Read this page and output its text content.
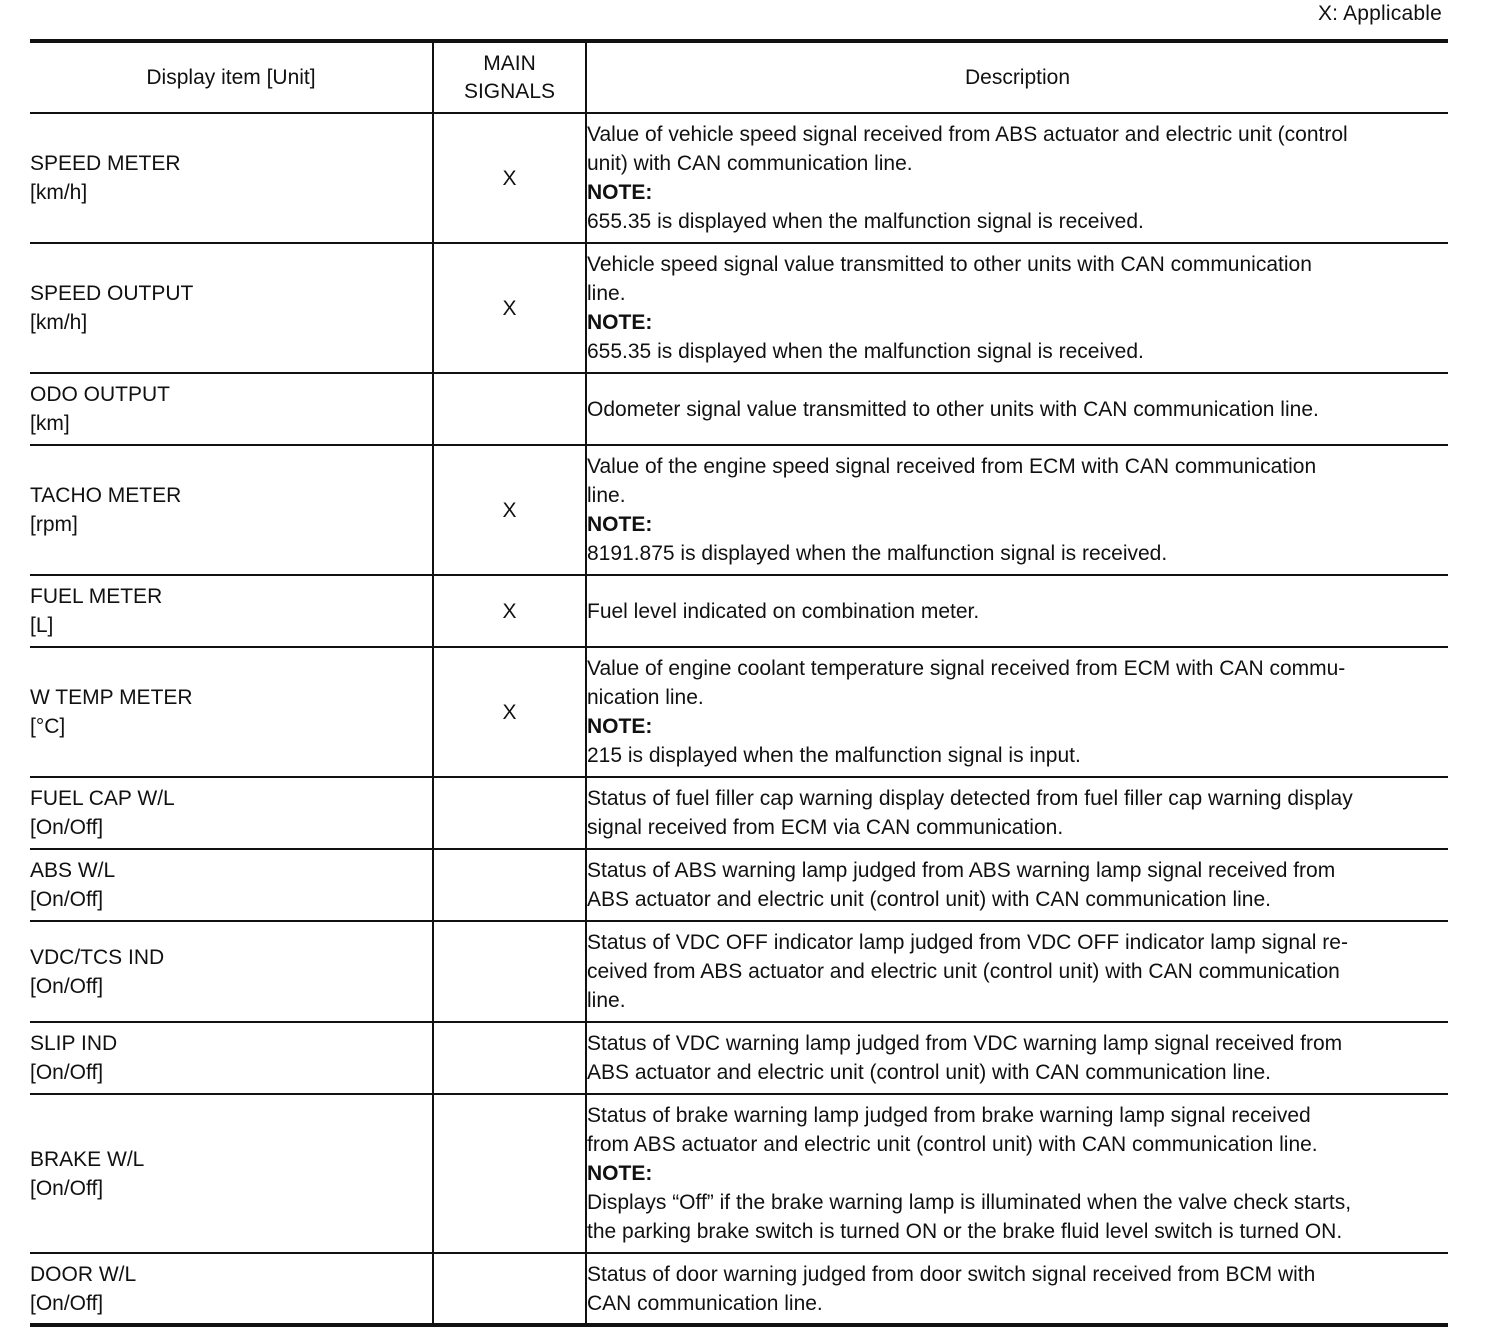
X: Applicable
Display item [Unit]	MAIN
SIGNALS	Description

SPEED METER
[km/h]	X	Value of vehicle speed signal received from ABS actuator and electric unit (control
unit) with CAN communication line.
NOTE:
655.35 is displayed when the malfunction signal is received.

SPEED OUTPUT
[km/h]	X	Vehicle speed signal value transmitted to other units with CAN communication
line.
NOTE:
655.35 is displayed when the malfunction signal is received.

ODO OUTPUT
[km]		Odometer signal value transmitted to other units with CAN communication line.

TACHO METER
[rpm]	X	Value of the engine speed signal received from ECM with CAN communication
line.
NOTE:
8191.875 is displayed when the malfunction signal is received.

FUEL METER
[L]	X	Fuel level indicated on combination meter.

W TEMP METER
[°C]	X	Value of engine coolant temperature signal received from ECM with CAN commu-
nication line.
NOTE:
215 is displayed when the malfunction signal is input.

FUEL CAP W/L
[On/Off]		Status of fuel filler cap warning display detected from fuel filler cap warning display
signal received from ECM via CAN communication.

ABS W/L
[On/Off]		Status of ABS warning lamp judged from ABS warning lamp signal received from
ABS actuator and electric unit (control unit) with CAN communication line.

VDC/TCS IND
[On/Off]		Status of VDC OFF indicator lamp judged from VDC OFF indicator lamp signal re-
ceived from ABS actuator and electric unit (control unit) with CAN communication
line.

SLIP IND
[On/Off]		Status of VDC warning lamp judged from VDC warning lamp signal received from
ABS actuator and electric unit (control unit) with CAN communication line.

BRAKE W/L
[On/Off]		Status of brake warning lamp judged from brake warning lamp signal received
from ABS actuator and electric unit (control unit) with CAN communication line.
NOTE:
Displays “Off” if the brake warning lamp is illuminated when the valve check starts,
the parking brake switch is turned ON or the brake fluid level switch is turned ON.

DOOR W/L
[On/Off]		Status of door warning judged from door switch signal received from BCM with
CAN communication line.
